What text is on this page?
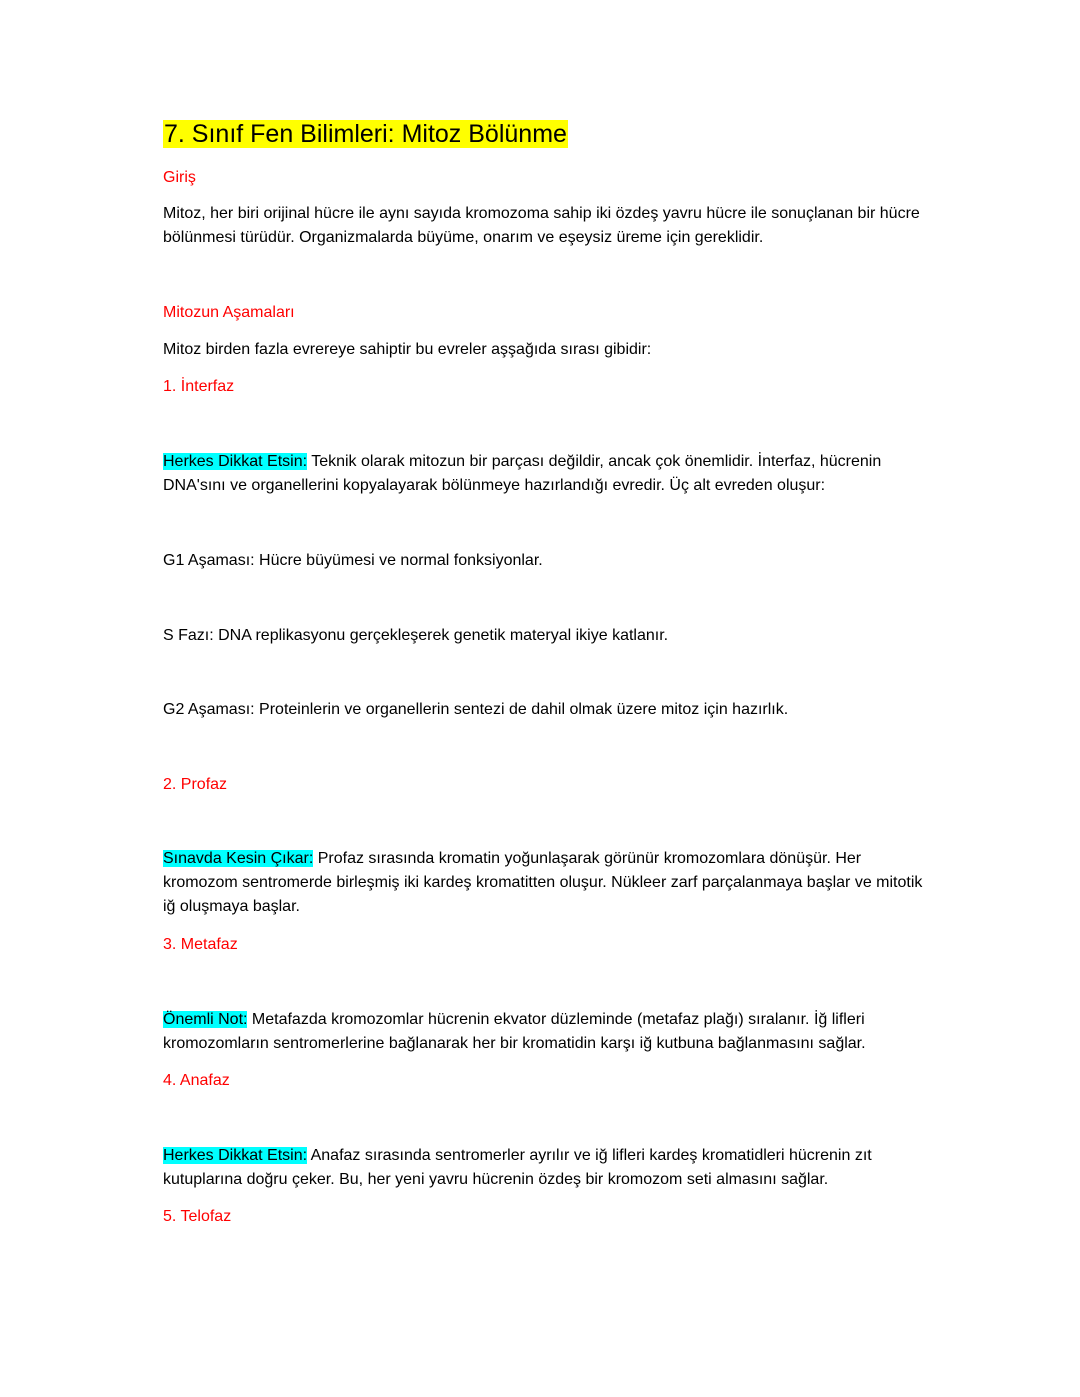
7. Sınıf Fen Bilimleri: Mitoz Bölünme
Giriş

Mitoz, her biri orijinal hücre ile aynı sayıda kromozoma sahip iki özdeş yavru hücre ile sonuçlanan bir hücre bölünmesi türüdür. Organizmalarda büyüme, onarım ve eşeysiz üreme için gereklidir.

Mitozun Aşamaları

Mitoz birden fazla evrereye sahiptir bu evreler aşşağıda sırası gibidir:

1. İnterfaz

Herkes Dikkat Etsin: Teknik olarak mitozun bir parçası değildir, ancak çok önemlidir. İnterfaz, hücrenin DNA'sını ve organellerini kopyalayarak bölünmeye hazırlandığı evredir. Üç alt evreden oluşur:

G1 Aşaması: Hücre büyümesi ve normal fonksiyonlar.

S Fazı: DNA replikasyonu gerçekleşerek genetik materyal ikiye katlanır.

G2 Aşaması: Proteinlerin ve organellerin sentezi de dahil olmak üzere mitoz için hazırlık.

2. Profaz

Sınavda Kesin Çıkar: Profaz sırasında kromatin yoğunlaşarak görünür kromozomlara dönüşür. Her kromozom sentromerde birleşmiş iki kardeş kromatitten oluşur. Nükleer zarf parçalanmaya başlar ve mitotik iğ oluşmaya başlar.

3. Metafaz

Önemli Not: Metafazda kromozomlar hücrenin ekvator düzleminde (metafaz plağı) sıralanır. İğ lifleri kromozomların sentromerlerine bağlanarak her bir kromatidin karşı iğ kutbuna bağlanmasını sağlar.

4. Anafaz

Herkes Dikkat Etsin: Anafaz sırasında sentromerler ayrılır ve iğ lifleri kardeş kromatidleri hücrenin zıt kutuplarına doğru çeker. Bu, her yeni yavru hücrenin özdeş bir kromozom seti almasını sağlar.

5. Telofaz
